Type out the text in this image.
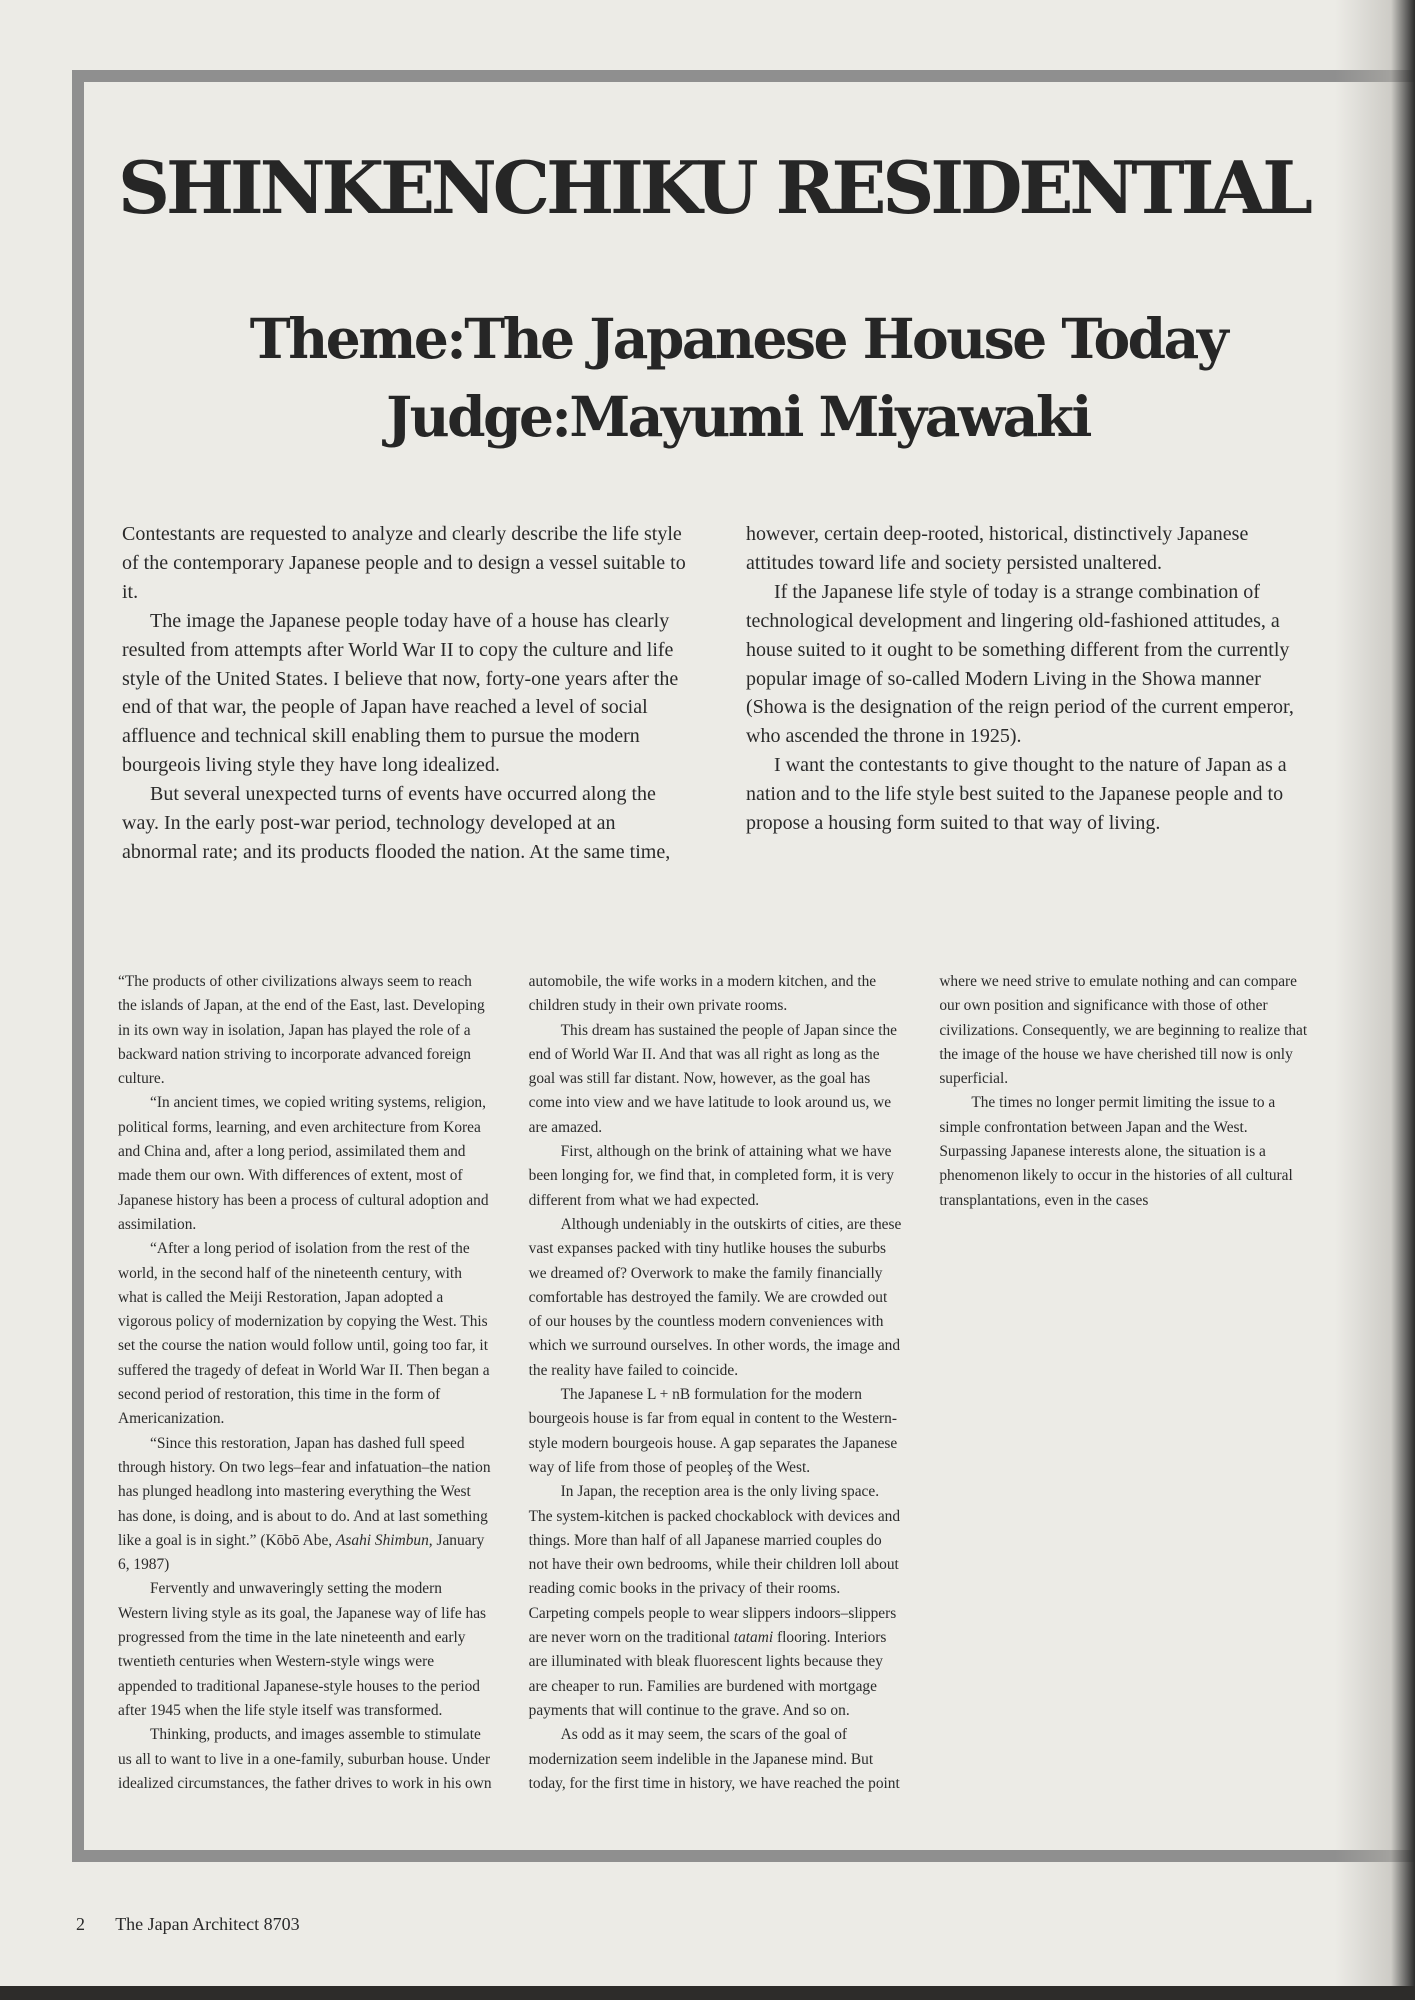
SHINKENCHIKU RESIDENTIAL
Theme:The Japanese House Today
Judge:Mayumi Miyawaki

Contestants are requested to analyze and clearly describe the life style of the contemporary Japanese people and to design a vessel suitable to it.

The image the Japanese people today have of a house has clearly resulted from attempts after World War II to copy the culture and life style of the United States. I believe that now, forty-one years after the end of that war, the people of Japan have reached a level of social affluence and technical skill enabling them to pursue the modern bourgeois living style they have long idealized.

But several unexpected turns of events have occurred along the way. In the early post-war period, technology developed at an abnormal rate; and its products flooded the nation. At the same time, however, certain deep-rooted, historical, distinctively Japanese attitudes toward life and society persisted unaltered.

If the Japanese life style of today is a strange combination of technological development and lingering old-fashioned attitudes, a house suited to it ought to be something different from the currently popular image of so-called Modern Living in the Showa manner (Showa is the designation of the reign period of the current emperor, who ascended the throne in 1925).

I want the contestants to give thought to the nature of Japan as a nation and to the life style best suited to the Japanese people and to propose a housing form suited to that way of living.

“The products of other civilizations always seem to reach the islands of Japan, at the end of the East, last. Developing in its own way in isolation, Japan has played the role of a backward nation striving to incorporate advanced foreign culture.

“In ancient times, we copied writing systems, religion, political forms, learning, and even architecture from Korea and China and, after a long period, assimilated them and made them our own. With differences of extent, most of Japanese history has been a process of cultural adoption and assimilation.

“After a long period of isolation from the rest of the world, in the second half of the nineteenth century, with what is called the Meiji Restoration, Japan adopted a vigorous policy of modernization by copying the West. This set the course the nation would follow until, going too far, it suffered the tragedy of defeat in World War II. Then began a second period of restoration, this time in the form of Americanization.

“Since this restoration, Japan has dashed full speed through history. On two legs–fear and infatuation–the nation has plunged headlong into mastering everything the West has done, is doing, and is about to do. And at last something like a goal is in sight.” (Kōbō Abe, Asahi Shimbun, January 6, 1987)

Fervently and unwaveringly setting the modern Western living style as its goal, the Japanese way of life has progressed from the time in the late nineteenth and early twentieth centuries when Western-style wings were appended to traditional Japanese-style houses to the period after 1945 when the life style itself was transformed.

Thinking, products, and images assemble to stimulate us all to want to live in a one-family, suburban house. Under idealized circumstances, the father drives to work in his own automobile, the wife works in a modern kitchen, and the children study in their own private rooms.

This dream has sustained the people of Japan since the end of World War II. And that was all right as long as the goal was still far distant. Now, however, as the goal has come into view and we have latitude to look around us, we are amazed.

First, although on the brink of attaining what we have been longing for, we find that, in completed form, it is very different from what we had expected.

Although undeniably in the outskirts of cities, are these vast expanses packed with tiny hutlike houses the suburbs we dreamed of? Overwork to make the family financially comfortable has destroyed the family. We are crowded out of our houses by the countless modern conveniences with which we surround ourselves. In other words, the image and the reality have failed to coincide.

The Japanese L + nB formulation for the modern bourgeois house is far from equal in content to the Western-style modern bourgeois house. A gap separates the Japanese way of life from those of peopleş of the West.

In Japan, the reception area is the only living space. The system-kitchen is packed chockablock with devices and things. More than half of all Japanese married couples do not have their own bedrooms, while their children loll about reading comic books in the privacy of their rooms. Carpeting compels people to wear slippers indoors–slippers are never worn on the traditional tatami flooring. Interiors are illuminated with bleak fluorescent lights because they are cheaper to run. Families are burdened with mortgage payments that will continue to the grave. And so on.

As odd as it may seem, the scars of the goal of modernization seem indelible in the Japanese mind. But today, for the first time in history, we have reached the point where we need strive to emulate nothing and can compare our own position and significance with those of other civilizations. Consequently, we are beginning to realize that the image of the house we have cherished till now is only superficial.

The times no longer permit limiting the issue to a simple confrontation between Japan and the West. Surpassing Japanese interests alone, the situation is a phenomenon likely to occur in the histories of all cultural transplantations, even in the cases

2 The Japan Architect 8703
